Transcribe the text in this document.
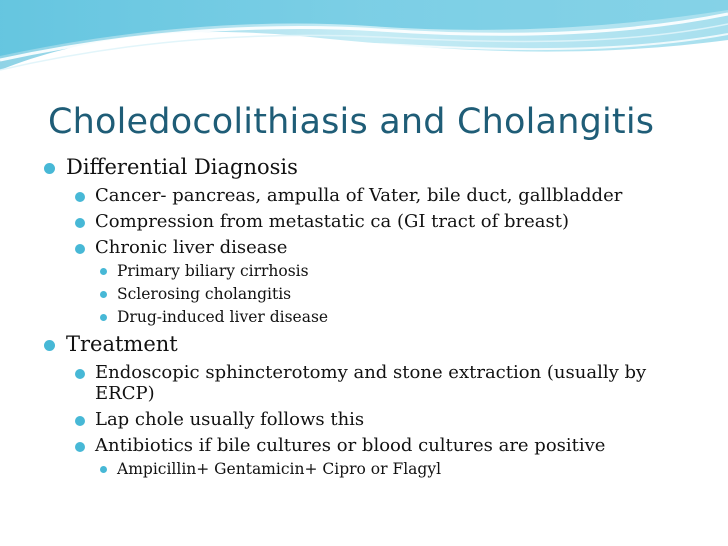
Choledocolithiasis and Cholangitis
Differential Diagnosis
Cancer- pancreas, ampulla of Vater, bile duct, gallbladder
Compression from metastatic ca (GI tract of breast)
Chronic liver disease
Primary biliary cirrhosis
Sclerosing cholangitis
Drug-induced liver disease
Treatment
Endoscopic sphincterotomy and stone extraction (usually by ERCP)
Lap chole usually follows this
Antibiotics if bile cultures or blood cultures are positive
Ampicillin+ Gentamicin+ Cipro or Flagyl
